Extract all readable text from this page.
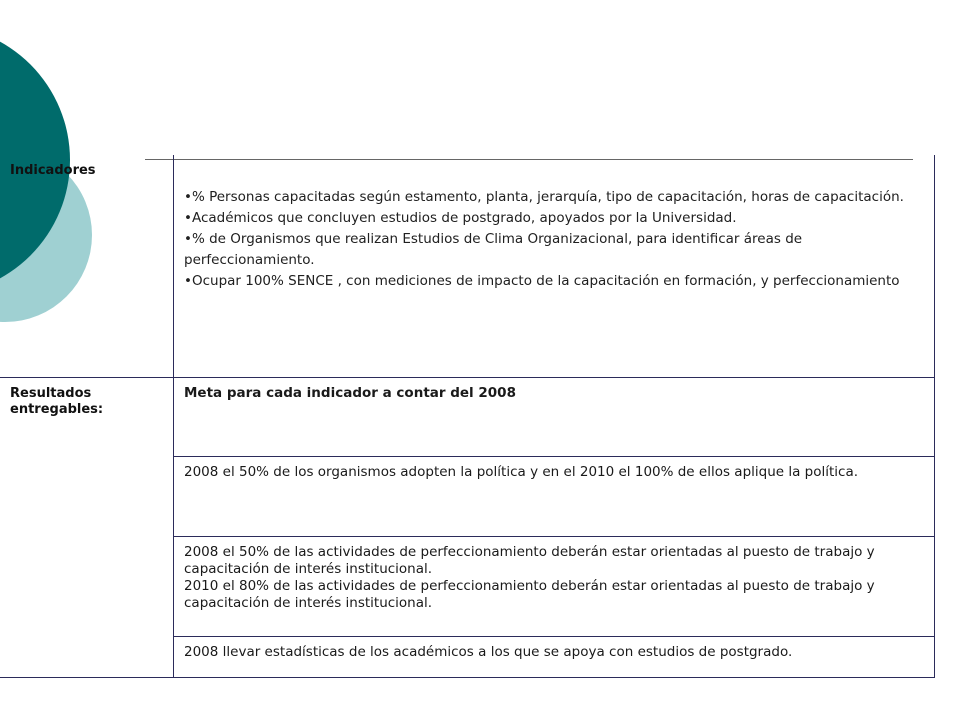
Indicadores
• % Personas capacitadas según estamento, planta, jerarquía, tipo de capacitación, horas de capacitación.
• Académicos que concluyen estudios de postgrado, apoyados por la Universidad.
• % de Organismos que realizan Estudios de Clima Organizacional, para identificar áreas de perfeccionamiento.
• Ocupar 100% SENCE , con mediciones de impacto de la capacitación en formación, y perfeccionamiento
Resultados entregables:
Meta para cada indicador a contar del 2008

2008 el 50% de los organismos adopten la política y en el 2010 el 100% de ellos aplique la política.

2008 el 50% de las actividades de perfeccionamiento deberán estar orientadas al puesto de trabajo y capacitación de interés institucional.

2010 el 80% de las actividades de perfeccionamiento deberán estar orientadas al puesto de trabajo y capacitación de interés institucional.

2008 llevar estadísticas de los académicos a los que se apoya con estudios de postgrado.
